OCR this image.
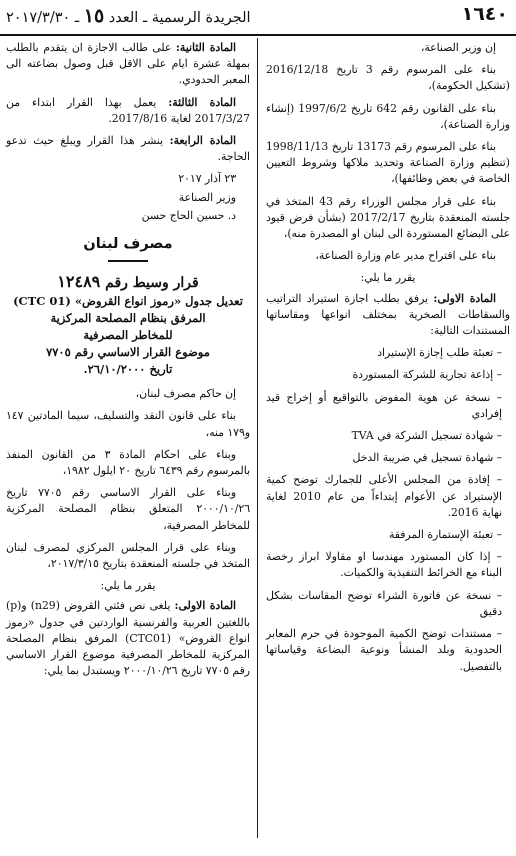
١٦٤٠
الجريدة الرسمية ـ العدد ١٥ ـ ٢٠١٧/٣/٣٠

إن وزير الصناعة،

بناء على المرسوم رقم 3 تاريخ 2016/12/18 (تشكيل الحكومة)،

بناء على القانون رقم 642 تاريخ 1997/6/2 (إنشاء وزارة الصناعة)،

بناء على المرسوم رقم 13173 تاريخ 1998/11/13 (تنظيم وزارة الصناعة وتحديد ملاكها وشروط التعيين الخاصة في بعض وظائفها)،

بناء على قرار مجلس الوزراء رقم 43 المتخذ في جلسته المنعقدة بتاريخ 2017/2/17 (بشأن فرض قيود على البضائع المستوردة الى لبنان او المصدرة منه)،

بناء على اقتراح مدير عام وزارة الصناعة،

يقرر ما يلي:

المادة الاولى: يرفق بطلب اجازة استيراد التراتيب والسقاطات الصخرية بمختلف انواعها ومقاساتها المستندات التالية:

– تعبئة طلب إجازة الإستيراد

– إذاعة تجارية للشركة المستوردة

– نسخة عن هوية المفوض بالتواقيع أو إخراج قيد إفرادي

– شهادة تسجيل الشركة في TVA

– شهادة تسجيل في ضريبة الدخل

– إفادة من المجلس الأعلى للجمارك توضح كمية الإستيراد عن الأعوام إبتداءاً من عام 2010 لغاية نهاية 2016.

– تعبئة الإستمارة المرفقة

– إذا كان المستورد مهندسا او مقاولا ابراز رخصة البناء مع الخرائط التنفيذية والكميات.

– نسخة عن فاتورة الشراء توضح المقاسات بشكل دقيق

– مستندات توضح الكمية الموجودة في حرم المعابر الحدودية وبلد المنشأ ونوعية البضاعة وقياساتها بالتفصيل.

المادة الثانية: على طالب الاجازة ان يتقدم بالطلب بمهلة عشرة ايام على الاقل قبل وصول بضاعته الى المعبر الحدودي.

المادة الثالثة: يعمل بهذا القرار ابتداء من 2017/3/27 لغاية 2017/8/16.

المادة الرابعة: ينشر هذا القرار ويبلغ حيث تدعو الحاجة.

٢٣ آذار ٢٠١٧

وزير الصناعة

د. حسين الحاج حسن

مصرف لبنان

قرار وسيط رقم ١٢٤٨٩

تعديل جدول «رموز انواع القروض» (CTC 01)

المرفق بنظام المصلحة المركزية

للمخاطر المصرفية

موضوع القرار الاساسي رقم ٧٧٠٥

تاريخ ٢٦/١٠/٢٠٠٠.

إن حاكم مصرف لبنان،

بناء على قانون النقد والتسليف، سيما المادتين ١٤٧ و١٧٩ منه،

وبناء على احكام المادة ٣ من القانون المنفذ بالمرسوم رقم ٦٤٣٩ تاريخ ٢٠ ايلول ١٩٨٢،

وبناء على القرار الاساسي رقم ٧٧٠٥ تاريخ ٢٠٠٠/١٠/٢٦ المتعلق بنظام المصلحة المركزية للمخاطر المصرفية،

وبناء على قرار المجلس المركزي لمصرف لبنان المتخذ في جلسته المنعقدة بتاريخ ٢٠١٧/٣/١٥،

يقرر ما يلي:

المادة الاولى: يلغى نص فئتي القروض (n29) و(p) باللغتين العربية والفرنسية الواردتين في جدول «رموز انواع القروض» (CTC01) المرفق بنظام المصلحة المركزية للمخاطر المصرفية موضوع القرار الاساسي رقم ٧٧٠٥ تاريخ ٢٠٠٠/١٠/٢٦ ويستبدل بما يلي:
